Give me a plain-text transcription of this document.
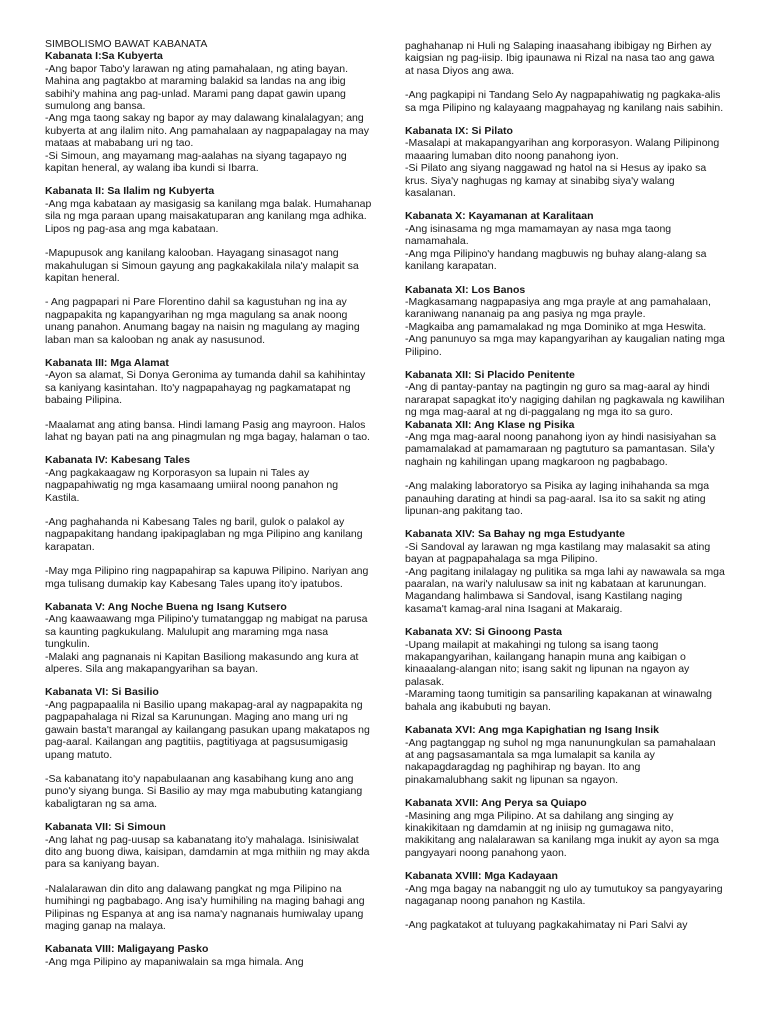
SIMBOLISMO BAWAT KABANATA

Kabanata I:Sa Kubyerta

-Ang bapor Tabo'y larawan ng ating pamahalaan, ng ating bayan. Mahina ang pagtakbo at maraming balakid sa landas na ang ibig sabihi'y mahina ang pag-unlad. Marami pang dapat gawin upang sumulong ang bansa.

-Ang mga taong sakay ng bapor ay may dalawang kinalalagyan; ang kubyerta at ang ilalim nito. Ang pamahalaan ay nagpapalagay na may mataas at mababang uri ng tao.

-Si Simoun, ang mayamang mag-aalahas na siyang tagapayo ng kapitan heneral, ay walang iba kundi si Ibarra.

Kabanata II: Sa Ilalim ng Kubyerta

-Ang mga kabataan ay masigasig sa kanilang mga balak. Humahanap sila ng mga paraan upang maisakatuparan ang kanilang mga adhika. Lipos ng pag-asa ang mga kabataan.

-Mapupusok ang kanilang kalooban. Hayagang sinasagot nang makahulugan si Simoun gayung ang pagkakakilala nila'y malapit sa kapitan heneral.

- Ang pagpapari ni Pare Florentino dahil sa kagustuhan ng ina ay nagpapakita ng kapangyarihan ng mga magulang sa anak noong unang panahon. Anumang bagay na naisin ng magulang ay maging laban man sa kalooban ng anak ay nasusunod.

Kabanata III: Mga Alamat

-Ayon sa alamat, Si Donya Geronima ay tumanda dahil sa kahihintay sa kaniyang kasintahan. Ito'y nagpapahayag ng pagkamatapat ng babaing Pilipina.

-Maalamat ang ating bansa. Hindi lamang Pasig ang mayroon. Halos lahat ng bayan pati na ang pinagmulan ng mga bagay, halaman o tao.

Kabanata IV: Kabesang Tales

-Ang pagkakaagaw ng Korporasyon sa lupain ni Tales ay nagpapahiwatig ng mga kasamaang umiiral noong panahon ng Kastila.

-Ang paghahanda ni Kabesang Tales ng baril, gulok o palakol ay nagpapakitang handang ipakipaglaban ng mga Pilipino ang kanilang karapatan.

-May mga Pilipino ring nagpapahirap sa kapuwa Pilipino. Nariyan ang mga tulisang dumakip kay Kabesang Tales upang ito'y ipatubos.

Kabanata V: Ang Noche Buena ng Isang Kutsero

-Ang kaawaawang mga Pilipino'y tumatanggap ng mabigat na parusa sa kaunting pagkukulang. Malulupit ang maraming mga nasa tungkulin.

-Malaki ang pagnanais ni Kapitan Basiliong makasundo ang kura at alperes. Sila ang makapangyarihan sa bayan.

Kabanata VI: Si Basilio

-Ang pagpapaalila ni Basilio upang makapag-aral ay nagpapakita ng pagpapahalaga ni Rizal sa Karunungan. Maging ano mang uri ng gawain basta't marangal ay kailangang pasukan upang makatapos ng pag-aaral. Kailangan ang pagtitiis, pagtitiyaga at pagsusumigasig upang matuto.

-Sa kabanatang ito'y napabulaanan ang kasabihang kung ano ang puno'y siyang bunga. Si Basilio ay may mga mabubuting katangiang kabaligtaran ng sa ama.

Kabanata VII: Si Simoun

-Ang lahat ng pag-uusap sa kabanatang ito'y mahalaga. Isinisiwalat dito ang buong diwa, kaisipan, damdamin at mga mithiin ng may akda para sa kaniyang bayan.

-Nalalarawan din dito ang dalawang pangkat ng mga Pilipino na humihingi ng pagbabago. Ang isa'y humihiling na maging bahagi ang Pilipinas ng Espanya at ang isa nama'y nagnanais humiwalay upang maging ganap na malaya.

Kabanata VIII: Maligayang Pasko

-Ang mga Pilipino ay mapaniwalain sa mga himala. Ang

paghahanap ni Huli ng Salaping inaasahang ibibigay ng Birhen ay kaigsian ng pag-iisip. Ibig ipaunawa ni Rizal na nasa tao ang gawa at nasa Diyos ang awa.

-Ang pagkapipi ni Tandang Selo Ay nagpapahiwatig ng pagkaka-alis sa mga Pilipino ng kalayaang magpahayag ng kanilang nais sabihin.

Kabanata IX: Si Pilato

-Masalapi at makapangyarihan ang korporasyon. Walang Pilipinong maaaring lumaban dito noong panahong iyon.

-Si Pilato ang siyang naggawad ng hatol na si Hesus ay ipako sa krus. Siya'y naghugas ng kamay at sinabibg siya'y walang kasalanan.

Kabanata X: Kayamanan at Karalitaan

-Ang isinasama ng mga mamamayan ay nasa mga taong namamahala.

-Ang mga Pilipino'y handang magbuwis ng buhay alang-alang sa kanilang karapatan.

Kabanata XI: Los Banos

-Magkasamang nagpapasiya ang mga prayle at ang pamahalaan, karaniwang nananaig pa ang pasiya ng mga prayle.

-Magkaiba ang pamamalakad ng mga Dominiko at mga Heswita.

-Ang panunuyo sa mga may kapangyarihan ay kaugalian nating mga Pilipino.

Kabanata XII: Si Placido Penitente

-Ang di pantay-pantay na pagtingin ng guro sa mag-aaral ay hindi nararapat sapagkat ito'y nagiging dahilan ng pagkawala ng kawilihan ng mga mag-aaral at ng di-paggalang ng mga ito sa guro.

Kabanata XII: Ang Klase ng Pisika

-Ang mga mag-aaral noong panahong iyon ay hindi nasisiyahan sa pamamalakad at pamamaraan ng pagtuturo sa pamantasan. Sila'y naghain ng kahilingan upang magkaroon ng pagbabago.

-Ang malaking laboratoryo sa Pisika ay laging inihahanda sa mga panauhing darating at hindi sa pag-aaral. Isa ito sa sakit ng ating lipunan-ang pakitang tao.

Kabanata XIV: Sa Bahay ng mga Estudyante

-Si Sandoval ay larawan ng mga kastilang may malasakit sa ating bayan at pagpapahalaga sa mga Pilipino.

-Ang pagitang inilalagay ng pulitika sa mga lahi ay nawawala sa mga paaralan, na wari'y nalulusaw sa init ng kabataan at karunungan. Magandang halimbawa si Sandoval, isang Kastilang naging kasama't kamag-aral nina Isagani at Makaraig.

Kabanata XV: Si Ginoong Pasta

-Upang mailapit at makahingi ng tulong sa isang taong makapangyarihan, kailangang hanapin muna ang kaibigan o kinaaalang-alangan nito; isang sakit ng lipunan na ngayon ay palasak.

-Maraming taong tumitigin sa pansariling kapakanan at winawalng bahala ang ikabubuti ng bayan.

Kabanata XVI: Ang mga Kapighatian ng Isang Insik

-Ang pagtanggap ng suhol ng mga nanunungkulan sa pamahalaan at ang pagsasamantala sa mga lumalapit sa kanila ay nakapagdaragdag ng paghihirap ng bayan. Ito ang pinakamalubhang sakit ng lipunan sa ngayon.

Kabanata XVII: Ang Perya sa Quiapo

-Masining ang mga Pilipino. At sa dahilang ang singing ay kinakikitaan ng damdamin at ng iniisip ng gumagawa nito, makikitang ang nalalarawan sa kanilang mga inukit ay ayon sa mga pangyayari noong panahong yaon.

Kabanata XVIII: Mga Kadayaan

-Ang mga bagay na nabanggit ng ulo ay tumutukoy sa pangyayaring nagaganap noong panahon ng Kastila.

-Ang pagkatakot at tuluyang pagkakahimatay ni Pari Salvi ay
